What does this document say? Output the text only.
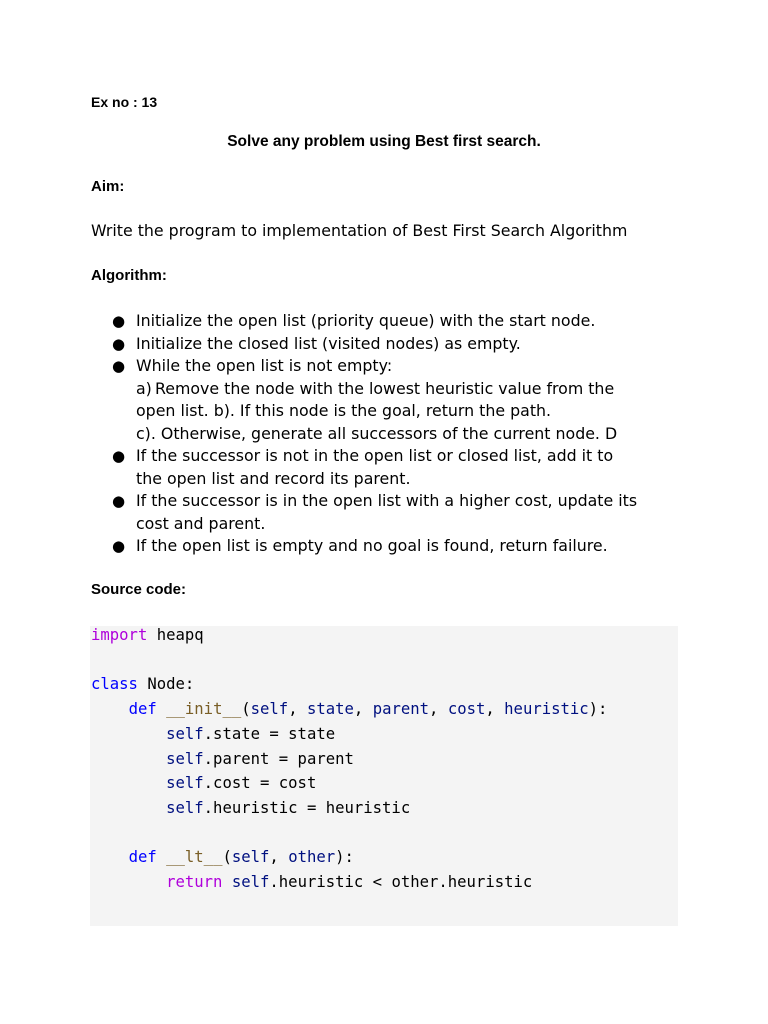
Ex no : 13
Solve any problem using Best first search.
Aim:
Write the program to implementation of Best First Search Algorithm
Algorithm:
● Initialize the open list (priority queue) with the start node.
● Initialize the closed list (visited nodes) as empty.
● While the open list is not empty:
a) Remove the node with the lowest heuristic value from the
open list. b). If this node is the goal, return the path.
c). Otherwise, generate all successors of the current node. D
● If the successor is not in the open list or closed list, add it to
the open list and record its parent.
● If the successor is in the open list with a higher cost, update its
cost and parent.
● If the open list is empty and no goal is found, return failure.
Source code:
import heapq

class Node:
def __init__(self, state, parent, cost, heuristic):
self.state = state
self.parent = parent
self.cost = cost
self.heuristic = heuristic

def __lt__(self, other):
return self.heuristic < other.heuristic
